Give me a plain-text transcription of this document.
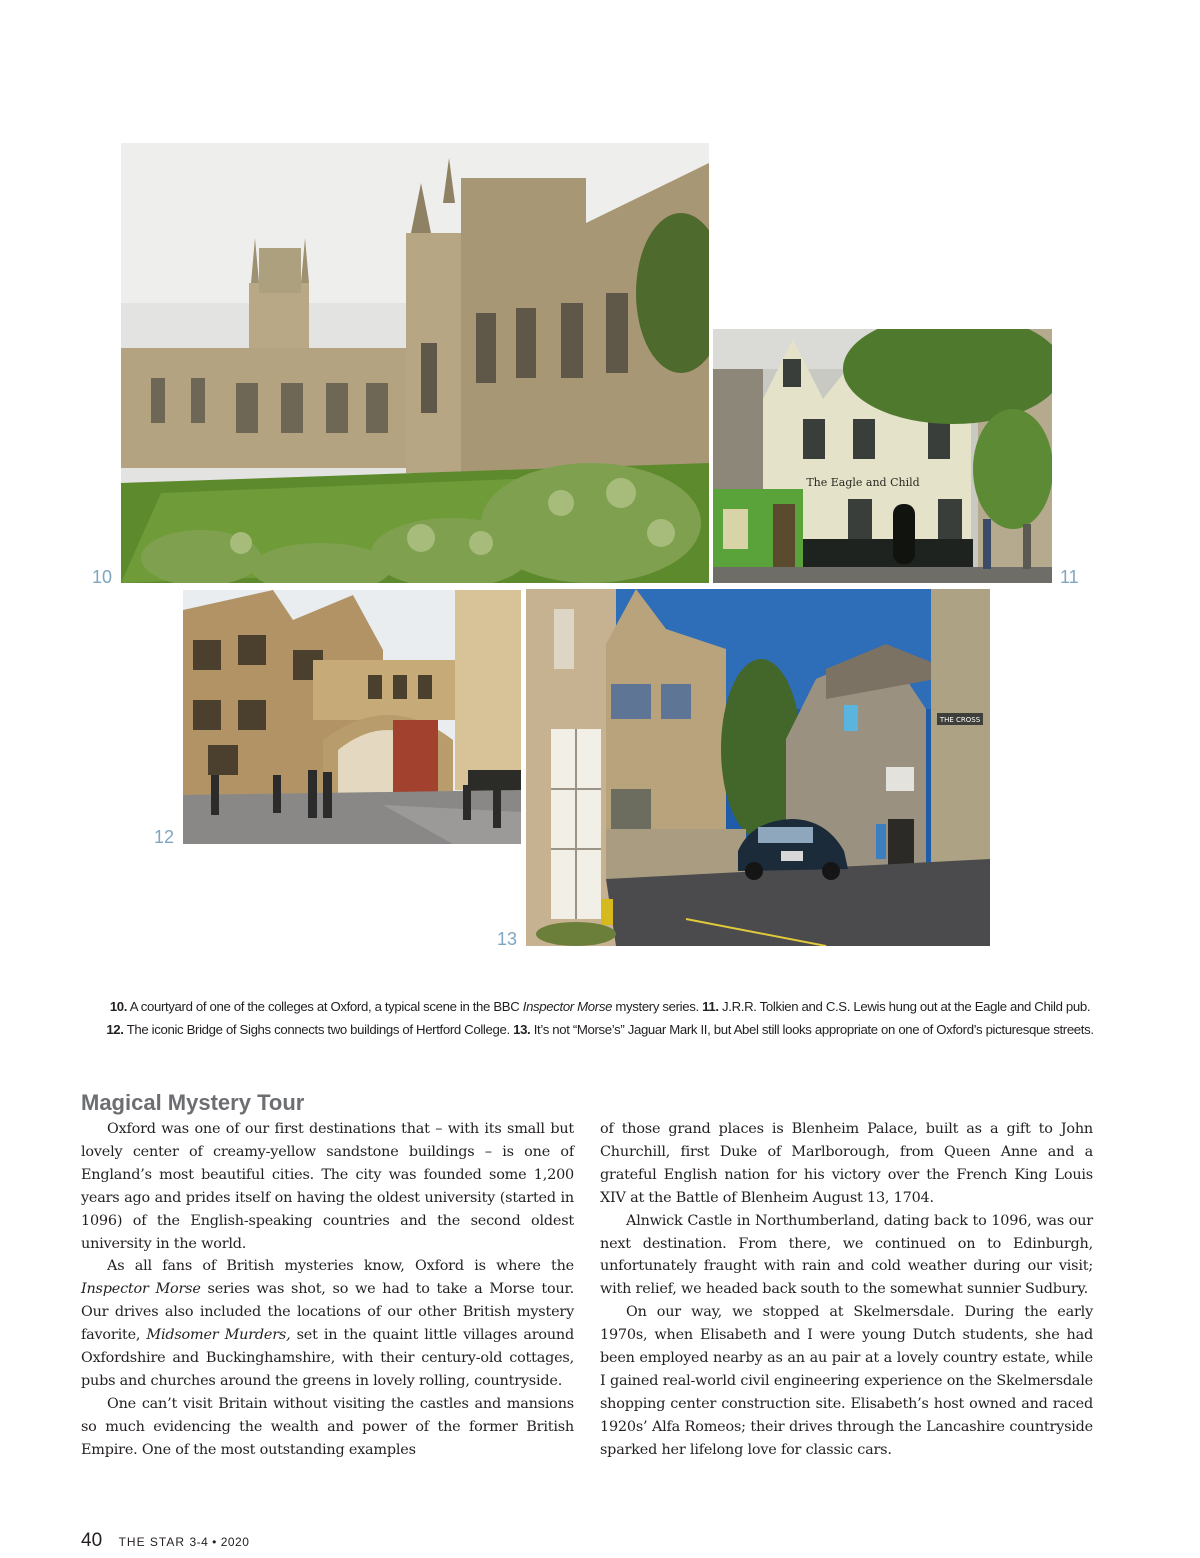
10
The Eagle and Child
11
12
THE CROSS
13
10. A courtyard of one of the colleges at Oxford, a typical scene in the BBC Inspector Morse mystery series. 11. J.R.R. Tolkien and C.S. Lewis hung out at the Eagle and Child pub.
12. The iconic Bridge of Sighs connects two buildings of Hertford College. 13. It’s not “Morse’s” Jaguar Mark II, but Abel still looks appropriate on one of Oxford’s picturesque streets.
Magical Mystery Tour

Oxford was one of our first destinations that – with its small but lovely center of creamy-yellow sandstone buildings – is one of England’s most beautiful cities. The city was founded some 1,200 years ago and prides itself on having the oldest university (started in 1096) of the English-speaking countries and the second oldest university in the world.

As all fans of British mysteries know, Oxford is where the Inspector Morse series was shot, so we had to take a Morse tour. Our drives also included the locations of our other British mystery favorite, Midsomer Murders, set in the quaint little villages around Oxfordshire and Buckinghamshire, with their century-old cottages, pubs and churches around the greens in lovely rolling, countryside.

One can’t visit Britain without visiting the castles and mansions so much evidencing the wealth and power of the former British Empire. One of the most outstanding examples

of those grand places is Blenheim Palace, built as a gift to John Churchill, first Duke of Marlborough, from Queen Anne and a grateful English nation for his victory over the French King Louis XIV at the Battle of Blenheim August 13, 1704.

Alnwick Castle in Northumberland, dating back to 1096, was our next destination. From there, we continued on to Edinburgh, unfortunately fraught with rain and cold weather during our visit; with relief, we headed back south to the somewhat sunnier Sudbury.

On our way, we stopped at Skelmersdale. During the early 1970s, when Elisabeth and I were young Dutch students, she had been employed nearby as an au pair at a lovely country estate, while I gained real-world civil engineering experience on the Skelmersdale shopping center construction site. Elisabeth’s host owned and raced 1920s’ Alfa Romeos; their drives through the Lancashire countryside sparked her lifelong love for classic cars.

40 THE STAR 3-4 • 2020
